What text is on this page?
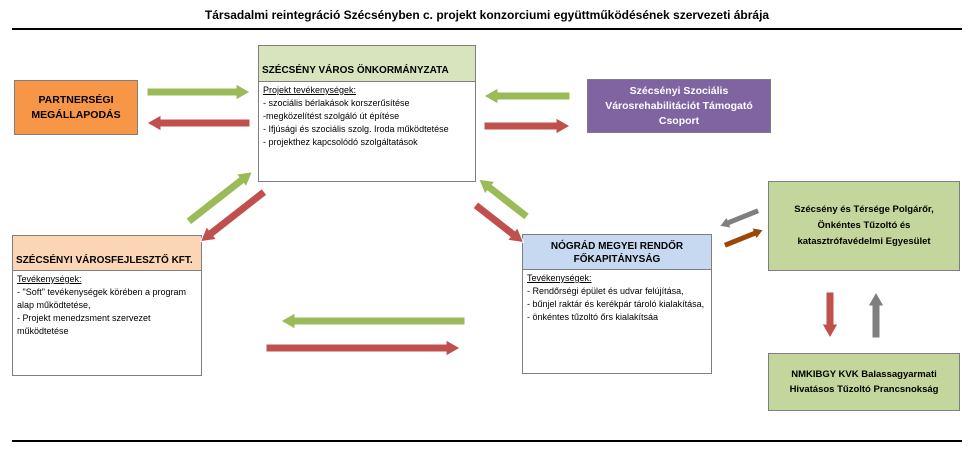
Társadalmi reintegráció Szécsényben c. projekt konzorciumi együttműködésének szervezeti ábrája
PARTNERSÉGI MEGÁLLAPODÁS
SZÉCSÉNY VÁROS ÖNKORMÁNYZATA
Projekt tevékenységek:
- szociális bérlakások korszerűsítése
-megközelítést szolgáló út építése
- Ifjúsági és szociális szolg. Iroda működtetése
- projekthez kapcsolódó szolgáltatások
Szécsényi Szociális Városrehabilitációt Támogató Csoport
SZÉCSÉNYI VÁROSFEJLESZTŐ KFT.
Tevékenységek:
- "Soft" tevékenységek körében a program alap működtetése,
- Projekt menedzsment szervezet működtetése
NÓGRÁD MEGYEI RENDŐR
FŐKAPITÁNYSÁG
Tevékenységek:
- Rendőrségi épület és udvar felújítása,
- bűnjel raktár és kerékpár tároló kialakítása,
- önkéntes tűzoltó őrs kialakítsáa
Szécsény és Térsége Polgárőr, Önkéntes Tűzoltó és katasztrófavédelmi Egyesület
NMKIBGY KVK Balassagyarmati Hivatásos Tűzoltó Prancsnokság
